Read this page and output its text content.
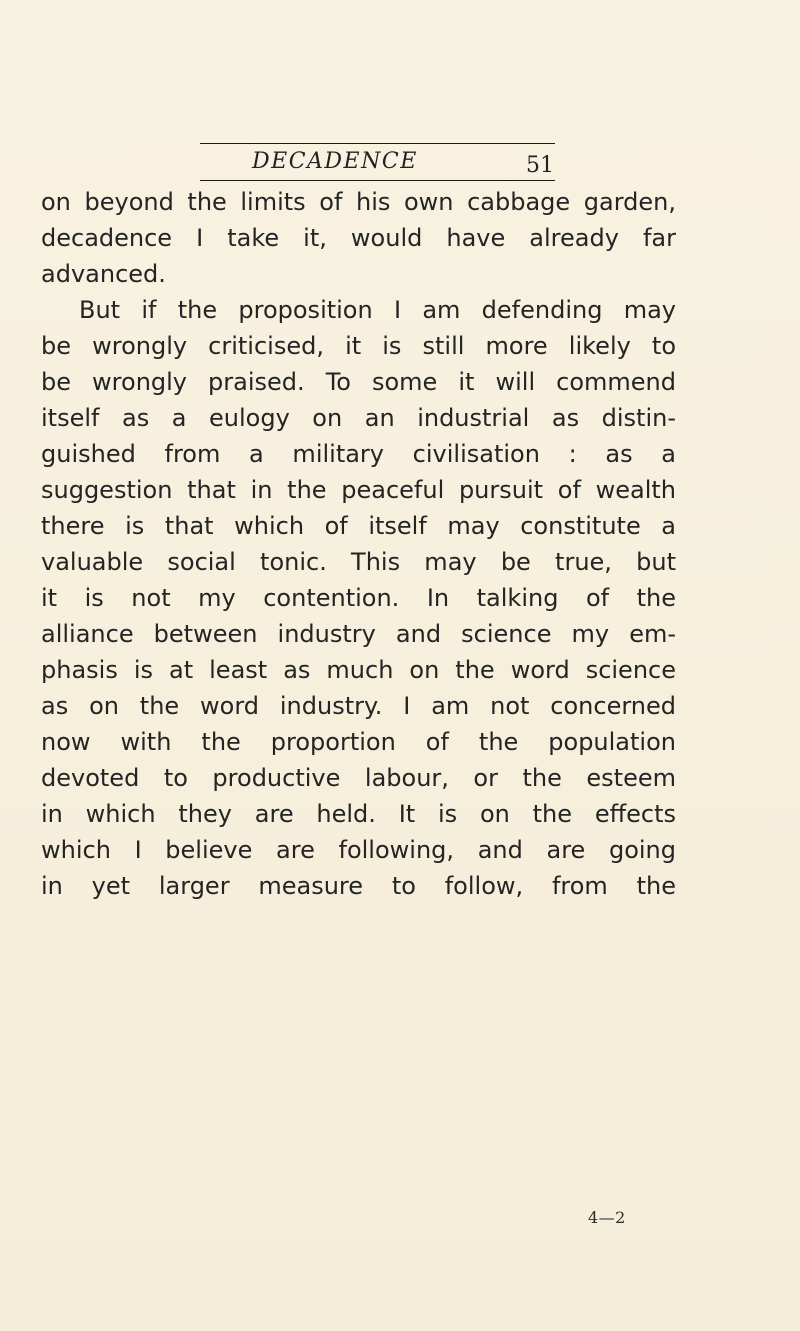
DECADENCE	51
on beyond the limits of his own cabbage garden,
decadence I take it, would have already far
advanced.
But if the proposition I am defending may
be wrongly criticised, it is still more likely to
be wrongly praised. To some it will commend
itself as a eulogy on an industrial as distin-
guished from a military civilisation : as a
suggestion that in the peaceful pursuit of wealth
there is that which of itself may constitute a
valuable social tonic. This may be true, but
it is not my contention. In talking of the
alliance between industry and science my em-
phasis is at least as much on the word science
as on the word industry. I am not concerned
now with the proportion of the population
devoted to productive labour, or the esteem
in which they are held. It is on the effects
which I believe are following, and are going
in yet larger measure to follow, from the
4—2
